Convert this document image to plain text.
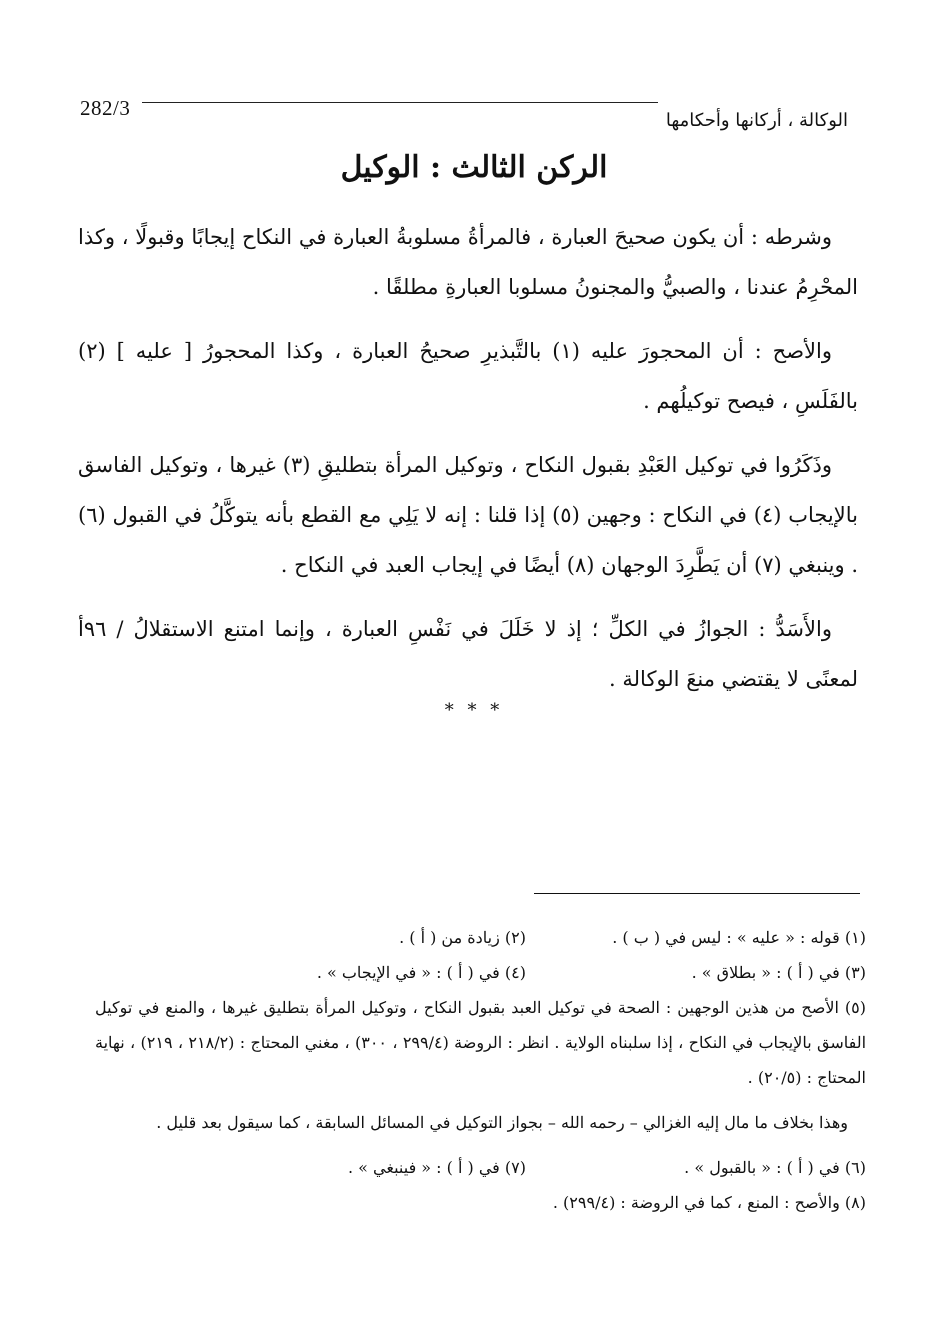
282/3
الوكالة ، أركانها وأحكامها
الركن الثالث : الوكيل

وشرطه : أن يكون صحيحَ العبارة ، فالمرأةُ مسلوبةُ العبارة في النكاح إيجابًا وقبولًا ، وكذا المحْرِمُ عندنا ، والصبيُّ والمجنونُ مسلوبا العبارةِ مطلقًا .

والأصح : أن المحجورَ عليه (١) بالتَّبذيرِ صحيحُ العبارة ، وكذا المحجورُ [ عليه ] (٢) بالفَلَسِ ، فيصح توكيلُهم .

وذَكَرُوا في توكيل العَبْدِ بقبول النكاح ، وتوكيل المرأة بتطليقِ (٣) غيرها ، وتوكيل الفاسق بالإيجاب (٤) في النكاح : وجهين (٥) إذا قلنا : إنه لا يَلِي مع القطع بأنه يتوكَّلُ في القبول (٦) . وينبغي (٧) أن يَطَّرِدَ الوجهان (٨) أيضًا في إيجاب العبد في النكاح .

والأَسَدُّ : الجوازُ في الكلِّ ؛ إذ لا خَلَلَ في نَفْسِ العبارة ، وإنما امتنع الاستقلالُ / ٩٦أ لمعنًى لا يقتضي منعَ الوكالة .

* * *
(١) قوله : « عليه » : ليس في ( ب ) .
(٢) زيادة من ( أ ) .
(٣) في ( أ ) : « بطلاق » .
(٤) في ( أ ) : « في الإيجاب » .

(٥) الأصح من هذين الوجهين : الصحة في توكيل العبد بقبول النكاح ، وتوكيل المرأة بتطليق غيرها ، والمنع في توكيل الفاسق بالإيجاب في النكاح ، إذا سلبناه الولاية . انظر : الروضة (٢٩٩/٤ ، ٣٠٠) ، مغني المحتاج : (٢١٨/٢ ، ٢١٩) ، نهاية المحتاج : (٢٠/٥) .

وهذا بخلاف ما مال إليه الغزالي – رحمه الله – بجواز التوكيل في المسائل السابقة ، كما سيقول بعد قليل .

(٦) في ( أ ) : « بالقبول » .
(٧) في ( أ ) : « فينبغي » .

(٨) والأصح : المنع ، كما في الروضة : (٢٩٩/٤) .
